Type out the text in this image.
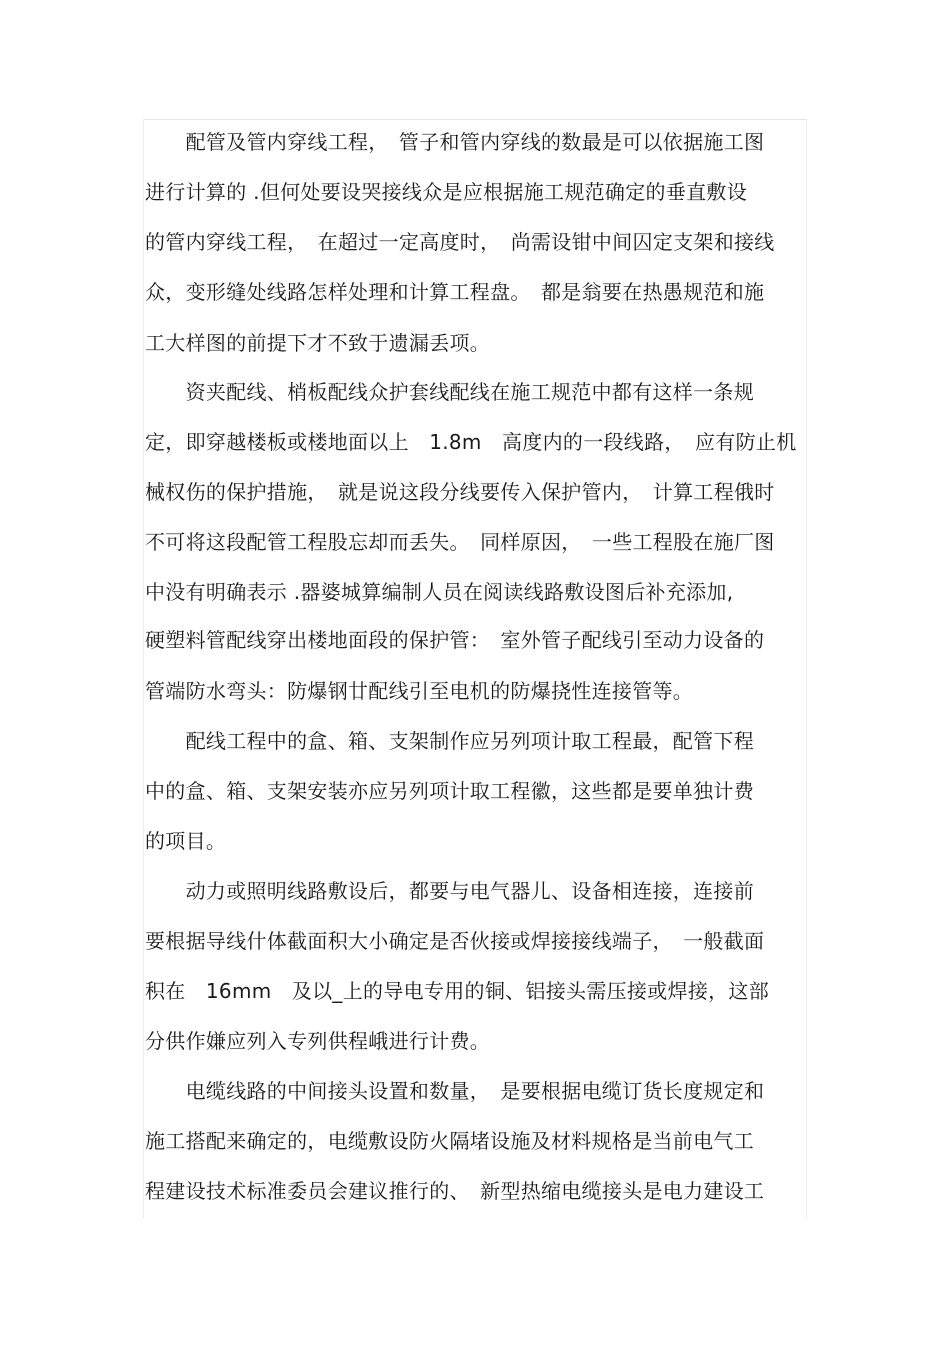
　　配管及管内穿线工程，　管子和管内穿线的数最是可以依据施工图
进行计算的 .但何处要设哭接线众是应根据施工规范确定的垂直敷设
的管内穿线工程，　在超过一定高度时，　尚需设钳中间囚定支架和接线
众，变形缝处线路怎样处理和计算工程盘。　都是翁要在热愚规范和施
工大样图的前提下才不致于遗漏丢项。
　　资夹配线、梢板配线众护套线配线在施工规范中都有这样一条规
定，即穿越楼板或楼地面以上　1.8m　高度内的一段线路，　应有防止机
械权伤的保护措施，　就是说这段分线要传入保护管内，　计算工程俄时
不可将这段配管工程股忘却而丢失。　同样原因，　一些工程股在施厂图
中没有明确表示 .器婆城算编制人员在阅读线路敷设图后补充添加,
硬塑料管配线穿出楼地面段的保护管：　室外管子配线引至动力设备的
管端防水弯头：防爆钢廿配线引至电机的防爆挠性连接管等。
　　配线工程中的盒、箱、支架制作应另列项计取工程最，配管下程
中的盒、箱、支架安装亦应另列项计取工程徽，这些都是要单独计费
的项目。
　　动力或照明线路敷设后，都要与电气器儿、设备相连接，连接前
要根据导线什体截面积大小确定是否伙接或焊接接线端子，　一般截面
积在　16mm　及以_上的导电专用的铜、铝接头需压接或焊接，这部
分供作嫌应列入专列供程峨进行计费。
　　电缆线路的中间接头设置和数量，　是要根据电缆订货长度规定和
施工搭配来确定的，电缆敷设防火隔堵设施及材料规格是当前电气工
程建设技术标准委员会建议推行的、　新型热缩电缆接头是电力建设工
